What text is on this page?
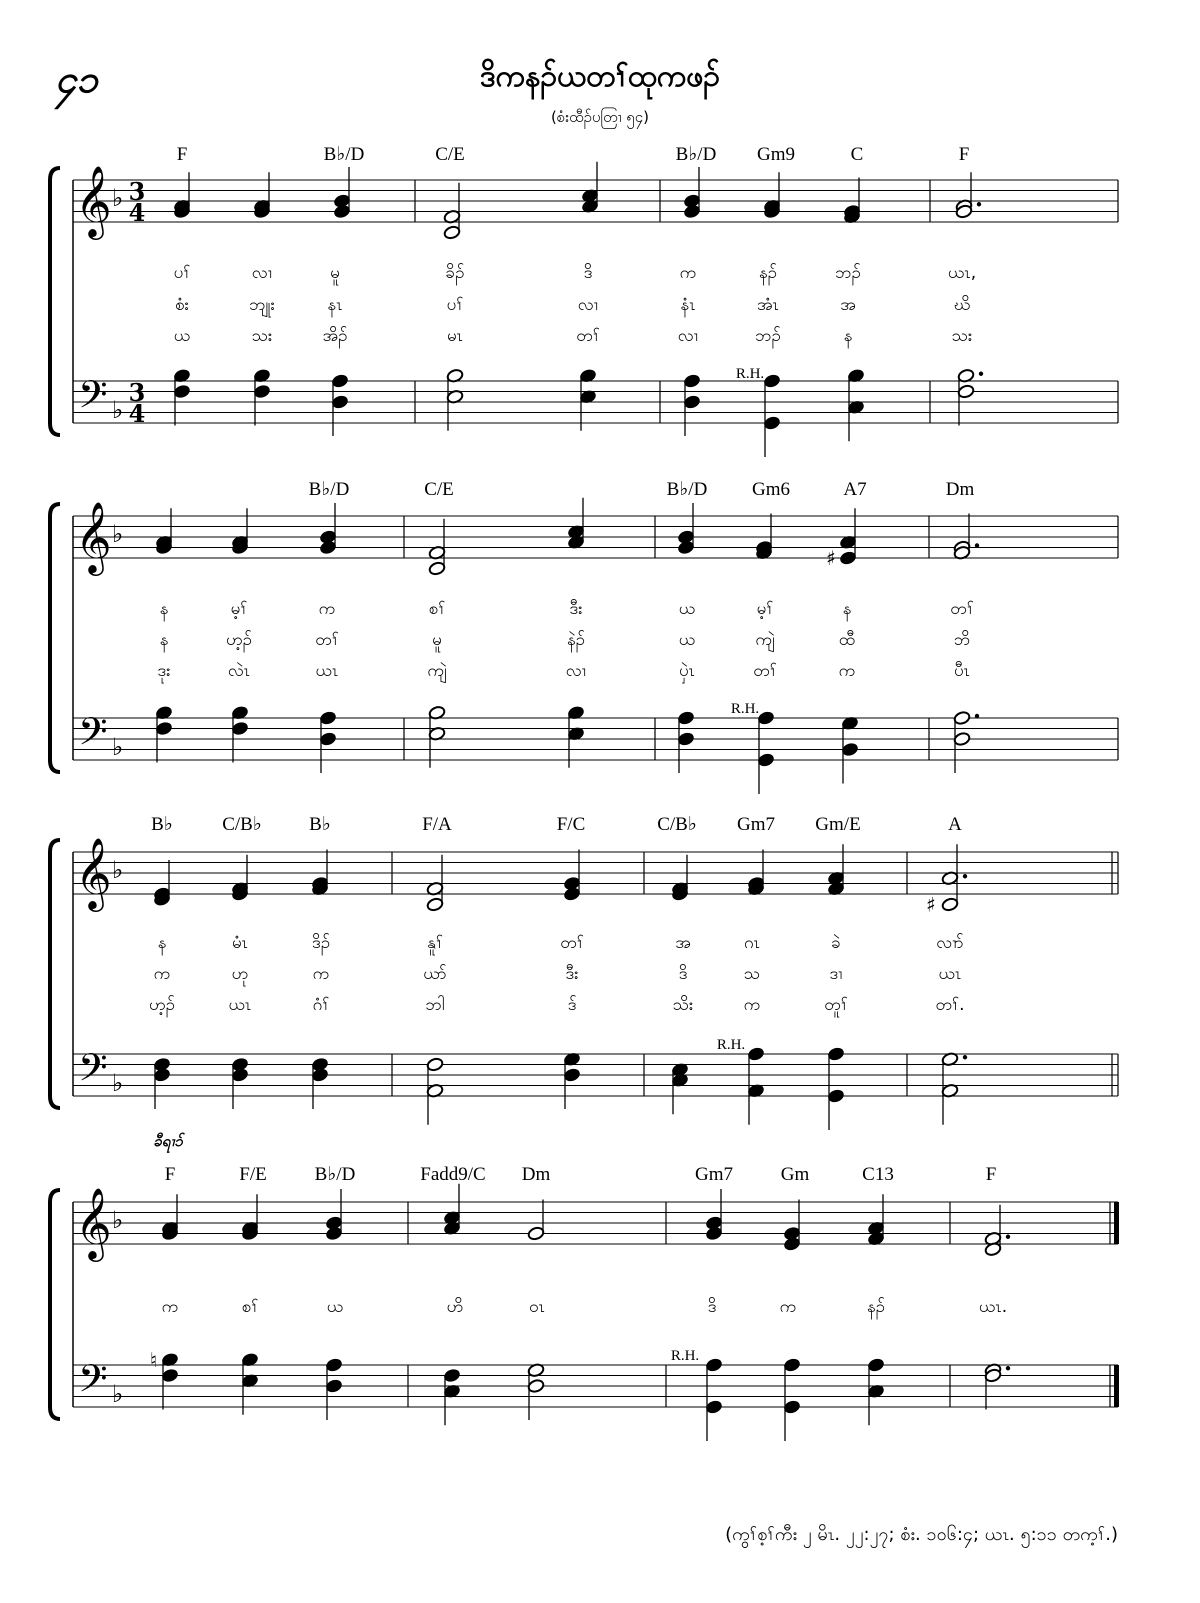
၄၁	ဒိကနၣ်ယတၢ်ထုကဖၣ်
(စံးထီၣ်ပတြၢ ၅၄)
𝄞
𝄢
♭
♭
3
4
3
4
F	B♭/D	C/E	B♭/D Gm9	C	F
ပၢ်	လၢ	မူ	ခိၣ်	ဒိ	က	နၣ်	ဘၣ်	ယၤ,
စံး	ဘျုး	နၤ	ပၢ်	လၢ	နံၤ	အံၤ	အ	ဃိ
ယ	သး	အိၣ်	မၤ	တၢ်	လၢ	ဘၣ်	န	သး
R.H.
𝄞
𝄢
♭
♭
B♭/D	C/E	B♭/D Gm6	A7	Dm
န	မ့ၢ်	က	စၢ်	ဒီး	ယ	မ့ၢ်	န	တၢ်
န	ဟ့ၣ်	တၢ်	မူ	နဲၣ်	ယ	ကျဲ	ထီ	ဘိ
ဒုး	လဲၤ	ယၤ	ကျဲ	လၢ	ပှဲၤ	တၢ်	က	ပီၤ
R.H.
𝄞
𝄢
♭
♭
B♭	C/B♭ B♭	F/A	F/C	C/B♭ Gm7 Gm/E	A
န	မံၤ	ဒိၣ်	နူၢ်	တၢ်	အ	ဂၤ	ခဲ	လၢာ်
က	ဟု	က	ယာ်	ဒီး	ဒိ	သ	ဒၢ	ယၤ
ဟ့ၣ်	ယၤ	ဂံၢ်	ဘါ	ဒ်	သိး	က	တူၢ်	တၢ်.
R.H.
𝄞
𝄢
♭
♭
F	F/E	B♭/D	Fadd9/C Dm	Gm7	Gm	C13	F
က	စၢ်	ယ	ဟိ	ဝၤ	ဒိ	က	နၣ်	ယၤ.
R.H.
ခီရၢၥ်
♯
♯
♮
(ကွၢ်စ့ၢ်ကီး ၂ မိၤ. ၂၂:၂၇; စံး. ၁၀၆:၄; ယၤ. ၅:၁၁ တက့ၢ်.)
